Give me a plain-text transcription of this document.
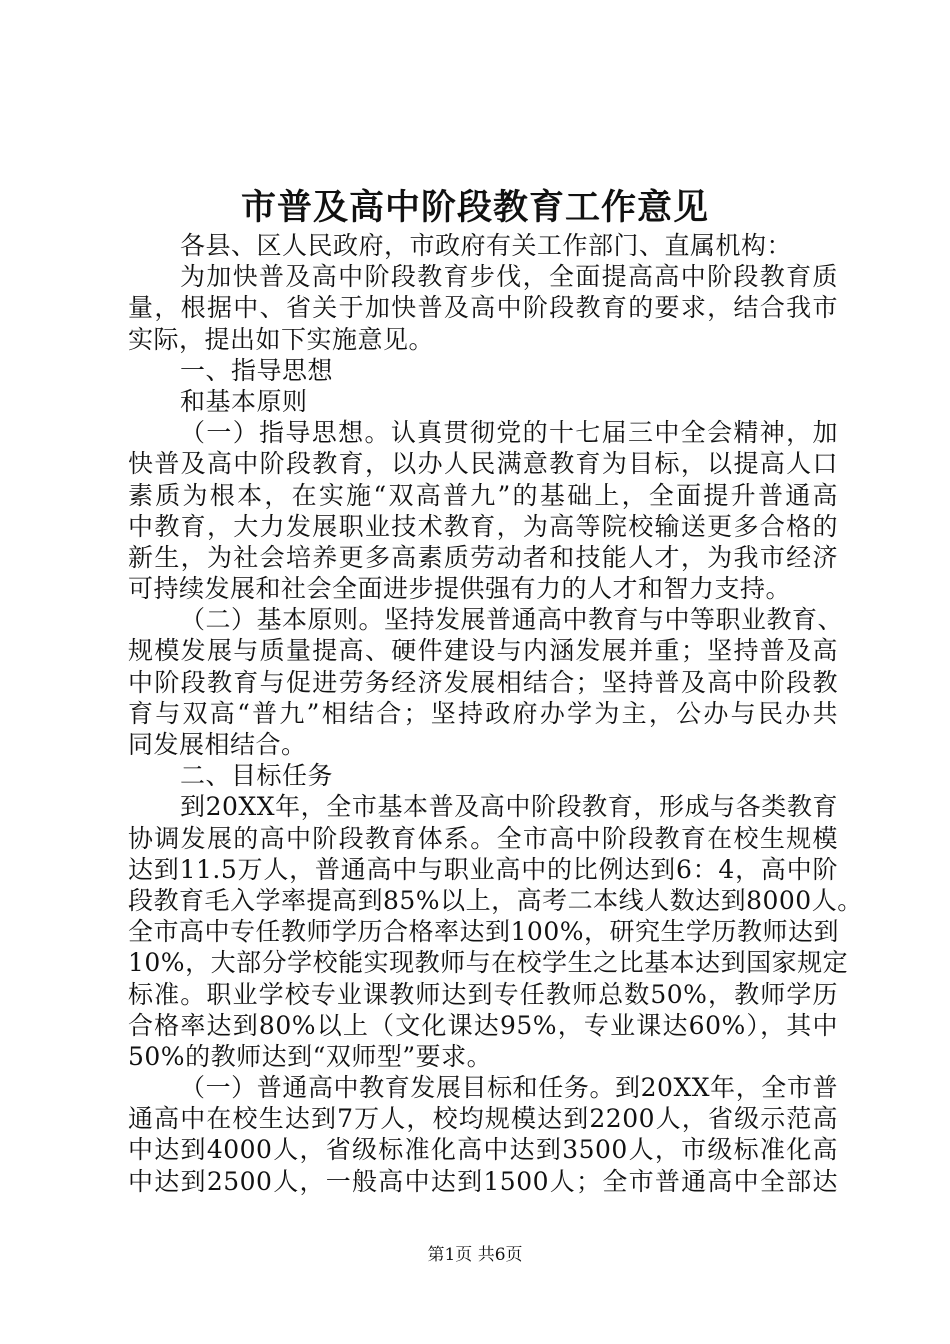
市普及高中阶段教育工作意见
各县、区人民政府，市政府有关工作部门、直属机构：
为加快普及高中阶段教育步伐，全面提高高中阶段教育质
量，根据中、省关于加快普及高中阶段教育的要求，结合我市
实际，提出如下实施意见。
一、指导思想
和基本原则
（一）指导思想。认真贯彻党的十七届三中全会精神，加
快普及高中阶段教育，以办人民满意教育为目标，以提高人口
素质为根本，在实施“双高普九”的基础上，全面提升普通高
中教育，大力发展职业技术教育，为高等院校输送更多合格的
新生，为社会培养更多高素质劳动者和技能人才，为我市经济
可持续发展和社会全面进步提供强有力的人才和智力支持。
（二）基本原则。坚持发展普通高中教育与中等职业教育、
规模发展与质量提高、硬件建设与内涵发展并重；坚持普及高
中阶段教育与促进劳务经济发展相结合；坚持普及高中阶段教
育与双高“普九”相结合；坚持政府办学为主，公办与民办共
同发展相结合。
二、目标任务
到20XX年，全市基本普及高中阶段教育，形成与各类教育
协调发展的高中阶段教育体系。全市高中阶段教育在校生规模
达到11.5万人，普通高中与职业高中的比例达到6：4，高中阶
段教育毛入学率提高到85%以上，高考二本线人数达到8000人。
全市高中专任教师学历合格率达到100%，研究生学历教师达到
10%，大部分学校能实现教师与在校学生之比基本达到国家规定
标准。职业学校专业课教师达到专任教师总数50%，教师学历
合格率达到80%以上（文化课达95%，专业课达60%），其中
50%的教师达到“双师型”要求。
（一）普通高中教育发展目标和任务。到20XX年，全市普
通高中在校生达到7万人，校均规模达到2200人，省级示范高
中达到4000人，省级标准化高中达到3500人，市级标准化高
中达到2500人，一般高中达到1500人；全市普通高中全部达
第1页 共6页
